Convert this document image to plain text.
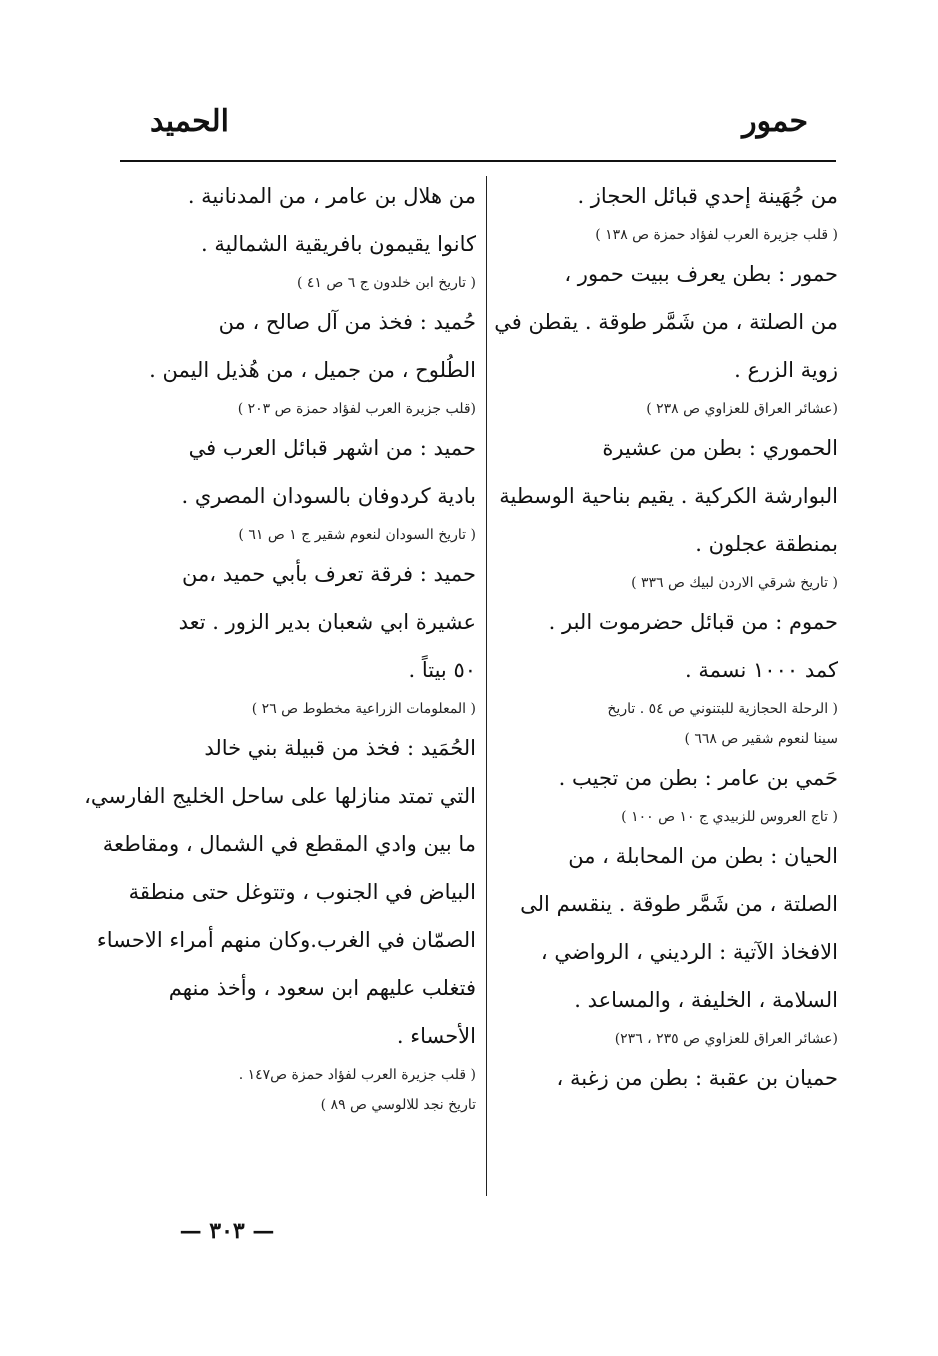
حمور
الحميد
من جُهَينة إحدي قبائل الحجاز .
( قلب جزيرة العرب لفؤاد حمزة ص ١٣٨ )
حمور : بطن يعرف ببيت حمور ،
من الصلتة ، من شَمَّر طوقة . يقطن في
زوية الزرع .
(عشائر العراق للعزاوي ص ٢٣٨ )
الحموري : بطن من عشيرة
البوارشة الكركية . يقيم بناحية الوسطية
بمنطقة عجلون .
( تاريخ شرقي الاردن لبيك ص ٣٣٦ )
حموم : من قبائل حضرموت البر .
كمد ١٠٠٠ نسمة .
( الرحلة الحجازية للبتنوني ص ٥٤ . تاريخ
سينا لنعوم شقير ص ٦٦٨ )
حَمي بن عامر : بطن من تجيب .
( تاج العروس للزبيدي ج ١٠ ص ١٠٠ )
الحيان : بطن من المحابلة ، من
الصلتة ، من شَمَّر طوقة . ينقسم الى
الافخاذ الآتية : الرديني ، الرواضي ،
السلامة ، الخليفة ، والمساعد .
(عشائر العراق للعزاوي ص ٢٣٥ ، ٢٣٦)
حميان بن عقبة : بطن من زغبة ،
من هلال بن عامر ، من المدنانية .
كانوا يقيمون بافريقية الشمالية .
( تاريخ ابن خلدون ج ٦ ص ٤١ )
حُميد : فخذ من آل صالح ، من
الطُلوح ، من جميل ، من هُذيل اليمن .
(قلب جزيرة العرب لفؤاد حمزة ص ٢٠٣ )
حميد : من اشهر قبائل العرب في
بادية كردوفان بالسودان المصري .
( تاريخ السودان لنعوم شقير ج ١ ص ٦١ )
حميد : فرقة تعرف بأبي حميد ،من
عشيرة ابي شعبان بدير الزور . تعد
٥٠ بيتاً .
( المعلومات الزراعية مخطوط ص ٢٦ )
الحُمَيد : فخذ من قبيلة بني خالد
التي تمتد منازلها على ساحل الخليج الفارسي،
ما بين وادي المقطع في الشمال ، ومقاطعة
البياض في الجنوب ، وتتوغل حتى منطقة
الصمّان في الغرب.وكان منهم أمراء الاحساء
فتغلب عليهم ابن سعود ، وأخذ منهم
الأحساء .
( قلب جزيرة العرب لفؤاد حمزة ص١٤٧ .
تاريخ نجد للالوسي ص ٨٩ )
— ٣٠٣ —
